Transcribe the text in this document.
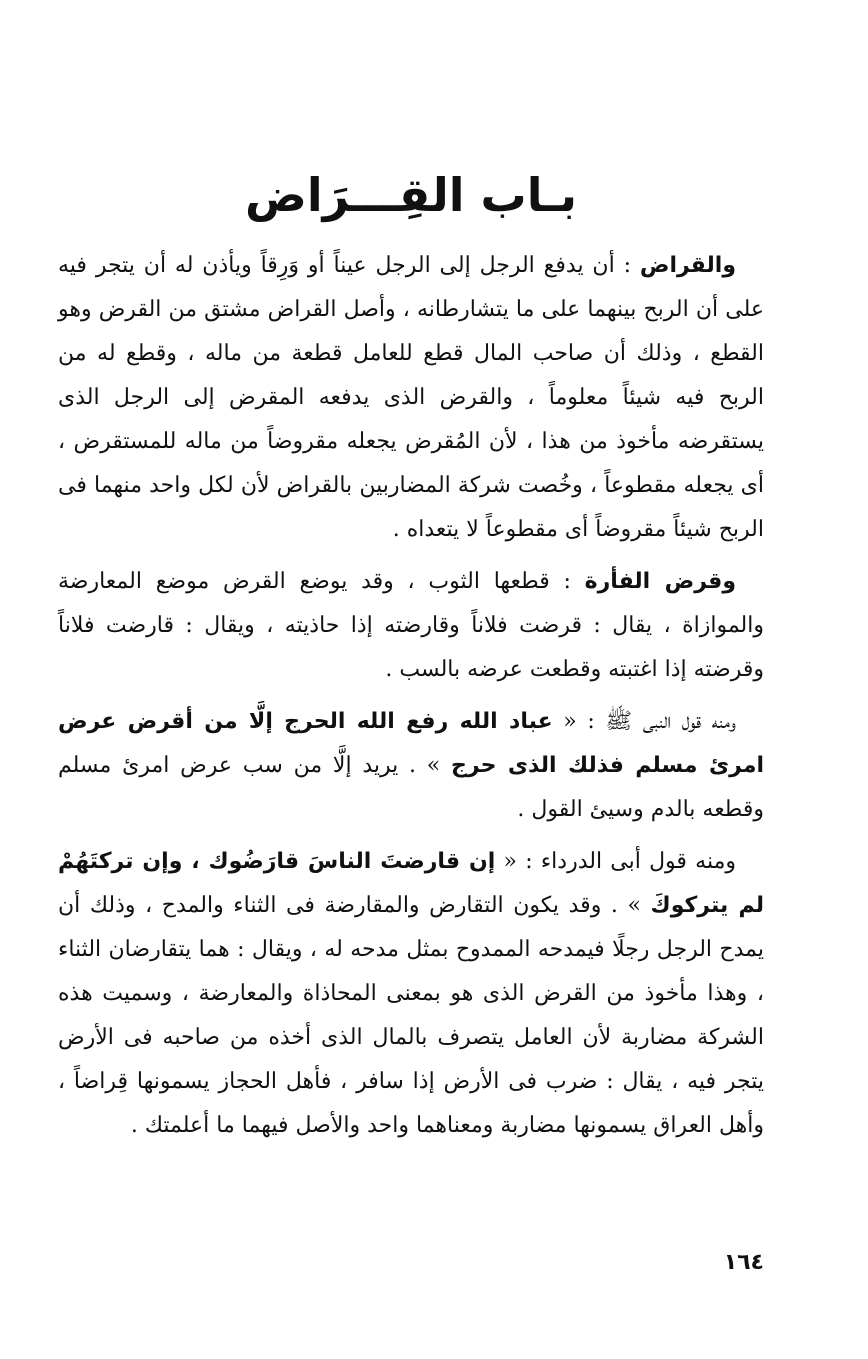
بـاب القِـــرَاض

والقراض : أن يدفع الرجل إلى الرجل عيناً أو وَرِقاً ويأذن له أن يتجر فيه على أن الربح بينهما على ما يتشارطانه ، وأصل القراض مشتق من القرض وهو القطع ، وذلك أن صاحب المال قطع للعامل قطعة من ماله ، وقطع له من الربح فيه شيئاً معلوماً ، والقرض الذى يدفعه المقرض إلى الرجل الذى يستقرضه مأخوذ من هذا ، لأن المُقرض يجعله مقروضاً من ماله للمستقرض ، أى يجعله مقطوعاً ، وخُصت شركة المضاربين بالقراض لأن لكل واحد منهما فى الربح شيئاً مقروضاً أى مقطوعاً لا يتعداه .

وقرض الفأرة : قطعها الثوب ، وقد يوضع القرض موضع المعارضة والموازاة ، يقال : قرضت فلاناً وقارضته إذا حاذيته ، ويقال : قارضت فلاناً وقرضته إذا اغتبته وقطعت عرضه بالسب .

ومنه قول النبى ﷺ : « عباد الله رفع الله الحرج إلَّا من أقرض عرض امرئ مسلم فذلك الذى حرج » . يريد إلَّا من سب عرض امرئ مسلم وقطعه بالدم وسيئ القول .

ومنه قول أبى الدرداء : « إن قارضتَ الناسَ قارَضُوك ، وإن تركتَهُمْ لم يتركوكَ » . وقد يكون التقارض والمقارضة فى الثناء والمدح ، وذلك أن يمدح الرجل رجلًا فيمدحه الممدوح بمثل مدحه له ، ويقال : هما يتقارضان الثناء ، وهذا مأخوذ من القرض الذى هو بمعنى المحاذاة والمعارضة ، وسميت هذه الشركة مضاربة لأن العامل يتصرف بالمال الذى أخذه من صاحبه فى الأرض يتجر فيه ، يقال : ضرب فى الأرض إذا سافر ، فأهل الحجاز يسمونها قِراضاً ، وأهل العراق يسمونها مضاربة ومعناهما واحد والأصل فيهما ما أعلمتك .

١٦٤
